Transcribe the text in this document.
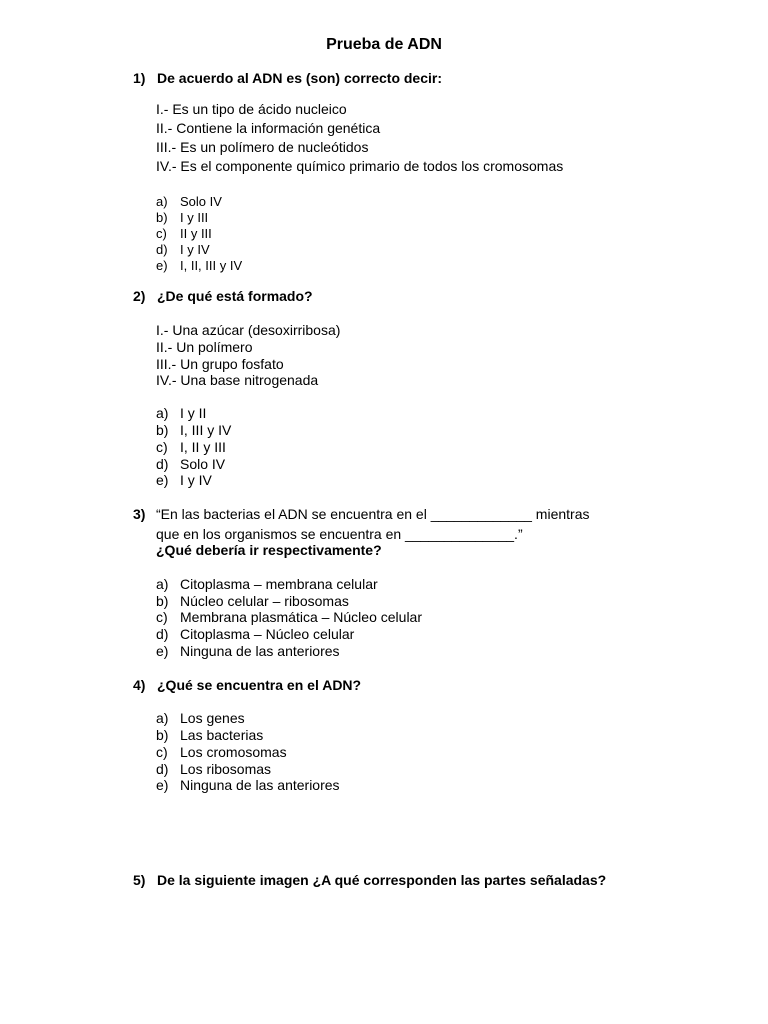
Prueba de ADN
1) De acuerdo al ADN es (son) correcto decir:
I.- Es un tipo de ácido nucleico
II.- Contiene la información genética
III.- Es un polímero de nucleótidos
IV.- Es el componente químico primario de todos los cromosomas
a) Solo IV
b) I y III
c) II y III
d) I y IV
e) I, II, III y IV
2) ¿De qué está formado?
I.- Una azúcar (desoxirribosa)
II.- Un polímero
III.- Un grupo fosfato
IV.- Una base nitrogenada
a) I y II
b) I, III y IV
c) I, II y III
d) Solo IV
e) I y IV
3) “En las bacterias el ADN se encuentra en el _____________ mientras
que en los organismos se encuentra en ______________.”
¿Qué debería ir respectivamente?
a) Citoplasma – membrana celular
b) Núcleo celular – ribosomas
c) Membrana plasmática – Núcleo celular
d) Citoplasma – Núcleo celular
e) Ninguna de las anteriores
4) ¿Qué se encuentra en el ADN?
a) Los genes
b) Las bacterias
c) Los cromosomas
d) Los ribosomas
e) Ninguna de las anteriores
5) De la siguiente imagen ¿A qué corresponden las partes señaladas?
